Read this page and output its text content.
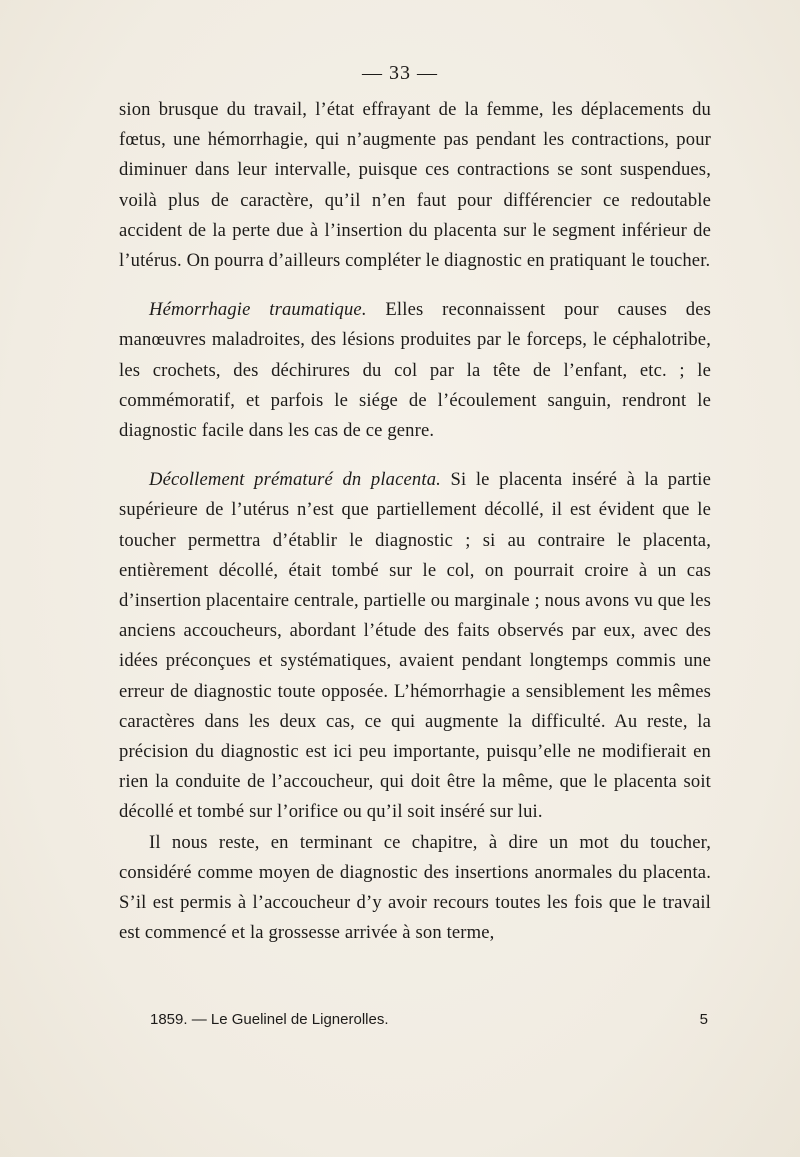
— 33 —

sion brusque du travail, l’état effrayant de la femme, les déplacements du fœtus, une hémorrhagie, qui n’augmente pas pendant les contractions, pour diminuer dans leur intervalle, puisque ces contractions se sont suspendues, voilà plus de caractère, qu’il n’en faut pour différencier ce redoutable accident de la perte due à l’insertion du placenta sur le segment inférieur de l’utérus. On pourra d’ailleurs compléter le diagnostic en pratiquant le toucher.

Hémorrhagie traumatique. Elles reconnaissent pour causes des manœuvres maladroites, des lésions produites par le forceps, le céphalotribe, les crochets, des déchirures du col par la tête de l’enfant, etc. ; le commémoratif, et parfois le siége de l’écoulement sanguin, rendront le diagnostic facile dans les cas de ce genre.

Décollement prématuré dn placenta. Si le placenta inséré à la partie supérieure de l’utérus n’est que partiellement décollé, il est évident que le toucher permettra d’établir le diagnostic ; si au contraire le placenta, entièrement décollé, était tombé sur le col, on pourrait croire à un cas d’insertion placentaire centrale, partielle ou marginale ; nous avons vu que les anciens accoucheurs, abordant l’étude des faits observés par eux, avec des idées préconçues et systématiques, avaient pendant longtemps commis une erreur de diagnostic toute opposée. L’hémorrhagie a sensiblement les mêmes caractères dans les deux cas, ce qui augmente la difficulté. Au reste, la précision du diagnostic est ici peu importante, puisqu’elle ne modifierait en rien la conduite de l’accoucheur, qui doit être la même, que le placenta soit décollé et tombé sur l’orifice ou qu’il soit inséré sur lui.

Il nous reste, en terminant ce chapitre, à dire un mot du toucher, considéré comme moyen de diagnostic des insertions anormales du placenta. S’il est permis à l’accoucheur d’y avoir recours toutes les fois que le travail est commencé et la grossesse arrivée à son terme,

1859. — Le Guelinel de Lignerolles.	5
